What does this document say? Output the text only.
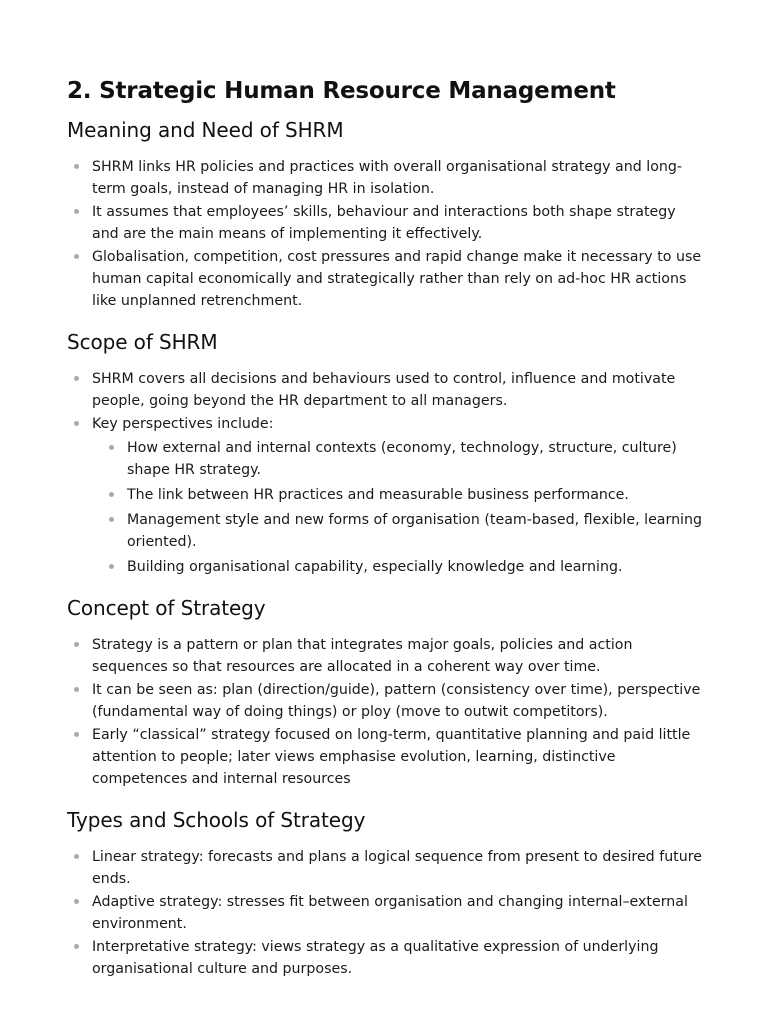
2. Strategic Human Resource Management
Meaning and Need of SHRM
SHRM links HR policies and practices with overall organisational strategy and long-term goals, instead of managing HR in isolation.
It assumes that employees’ skills, behaviour and interactions both shape strategy and are the main means of implementing it effectively.
Globalisation, competition, cost pressures and rapid change make it necessary to use human capital economically and strategically rather than rely on ad-hoc HR actions like unplanned retrenchment.
Scope of SHRM
SHRM covers all decisions and behaviours used to control, influence and motivate people, going beyond the HR department to all managers.
Key perspectives include:
How external and internal contexts (economy, technology, structure, culture) shape HR strategy.
The link between HR practices and measurable business performance.
Management style and new forms of organisation (team-based, flexible, learning oriented).
Building organisational capability, especially knowledge and learning.
Concept of Strategy
Strategy is a pattern or plan that integrates major goals, policies and action sequences so that resources are allocated in a coherent way over time.
It can be seen as: plan (direction/guide), pattern (consistency over time), perspective (fundamental way of doing things) or ploy (move to outwit competitors).
Early “classical” strategy focused on long-term, quantitative planning and paid little attention to people; later views emphasise evolution, learning, distinctive competences and internal resources
Types and Schools of Strategy
Linear strategy: forecasts and plans a logical sequence from present to desired future ends.
Adaptive strategy: stresses fit between organisation and changing internal–external environment.
Interpretative strategy: views strategy as a qualitative expression of underlying organisational culture and purposes.
